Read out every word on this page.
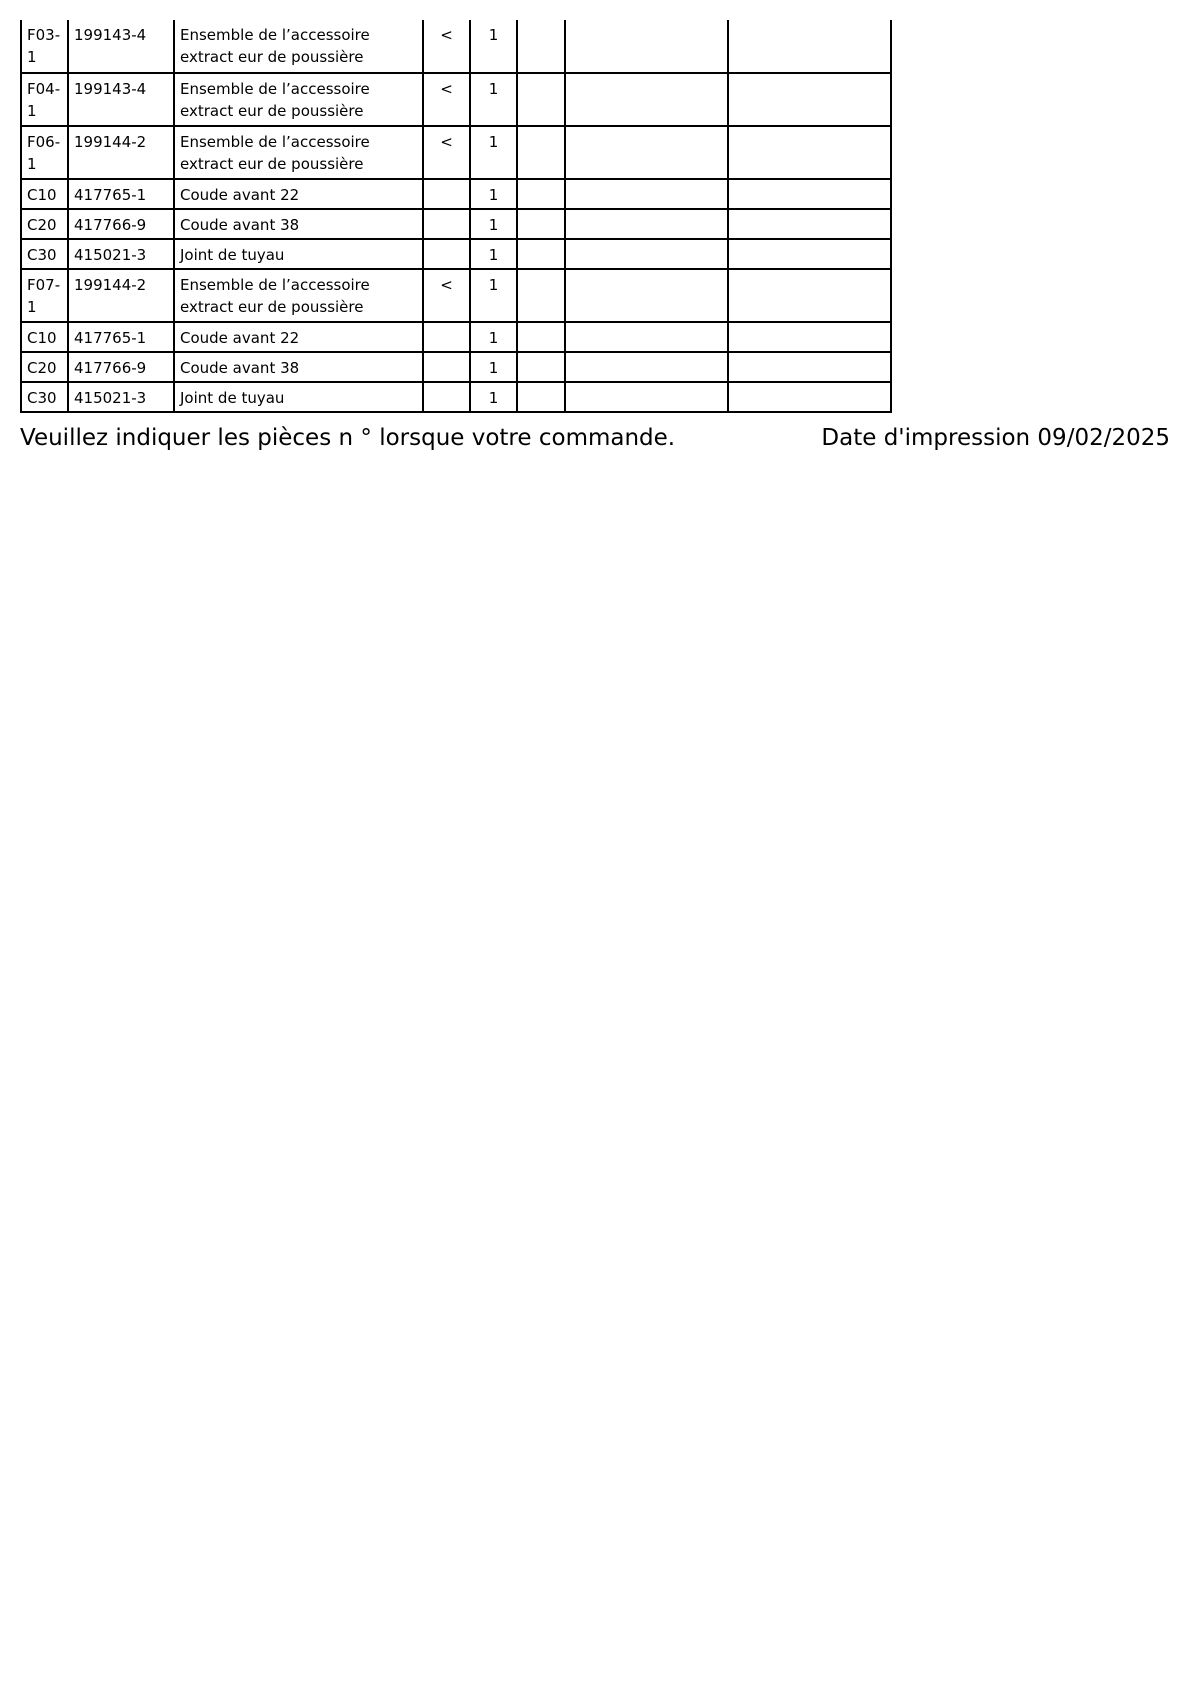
F03-1	199143-4	Ensemble de l’accessoire extract eur de poussière	<	1			
F04-1	199143-4	Ensemble de l’accessoire extract eur de poussière	<	1			
F06-1	199144-2	Ensemble de l’accessoire extract eur de poussière	<	1			
C10	417765-1	Coude avant 22		1			
C20	417766-9	Coude avant 38		1			
C30	415021-3	Joint de tuyau		1			
F07-1	199144-2	Ensemble de l’accessoire extract eur de poussière	<	1			
C10	417765-1	Coude avant 22		1			
C20	417766-9	Coude avant 38		1			
C30	415021-3	Joint de tuyau		1			
Veuillez indiquer les pièces n ° lorsque votre commande.	Date d'impression 09/02/2025
